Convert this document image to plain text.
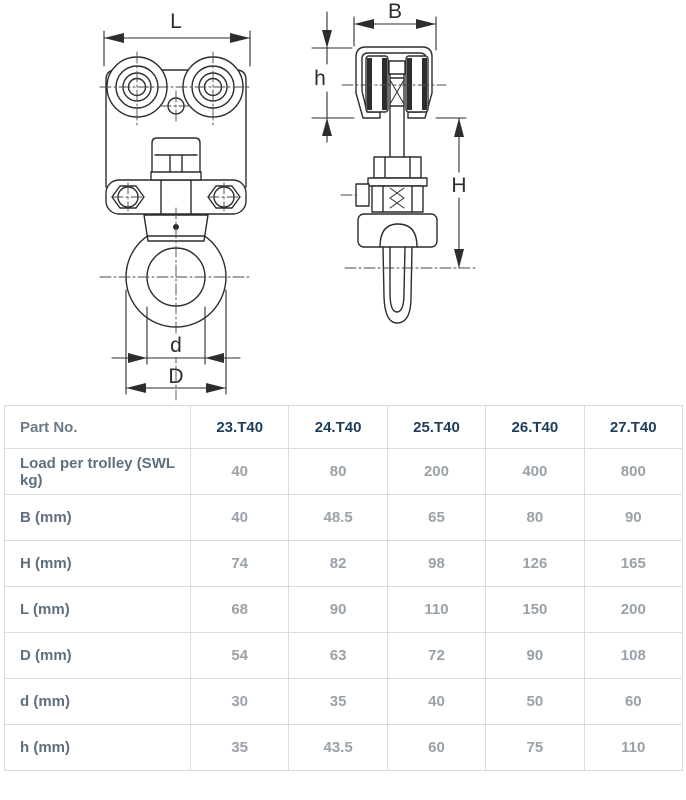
L
d
D
B
h
H
Part No.	23.T40	24.T40	25.T40	26.T40	27.T40
Load per trolley (SWL kg)	40	80	200	400	800
B (mm)	40	48.5	65	80	90
H (mm)	74	82	98	126	165
L (mm)	68	90	110	150	200
D (mm)	54	63	72	90	108
d (mm)	30	35	40	50	60
h (mm)	35	43.5	60	75	110
